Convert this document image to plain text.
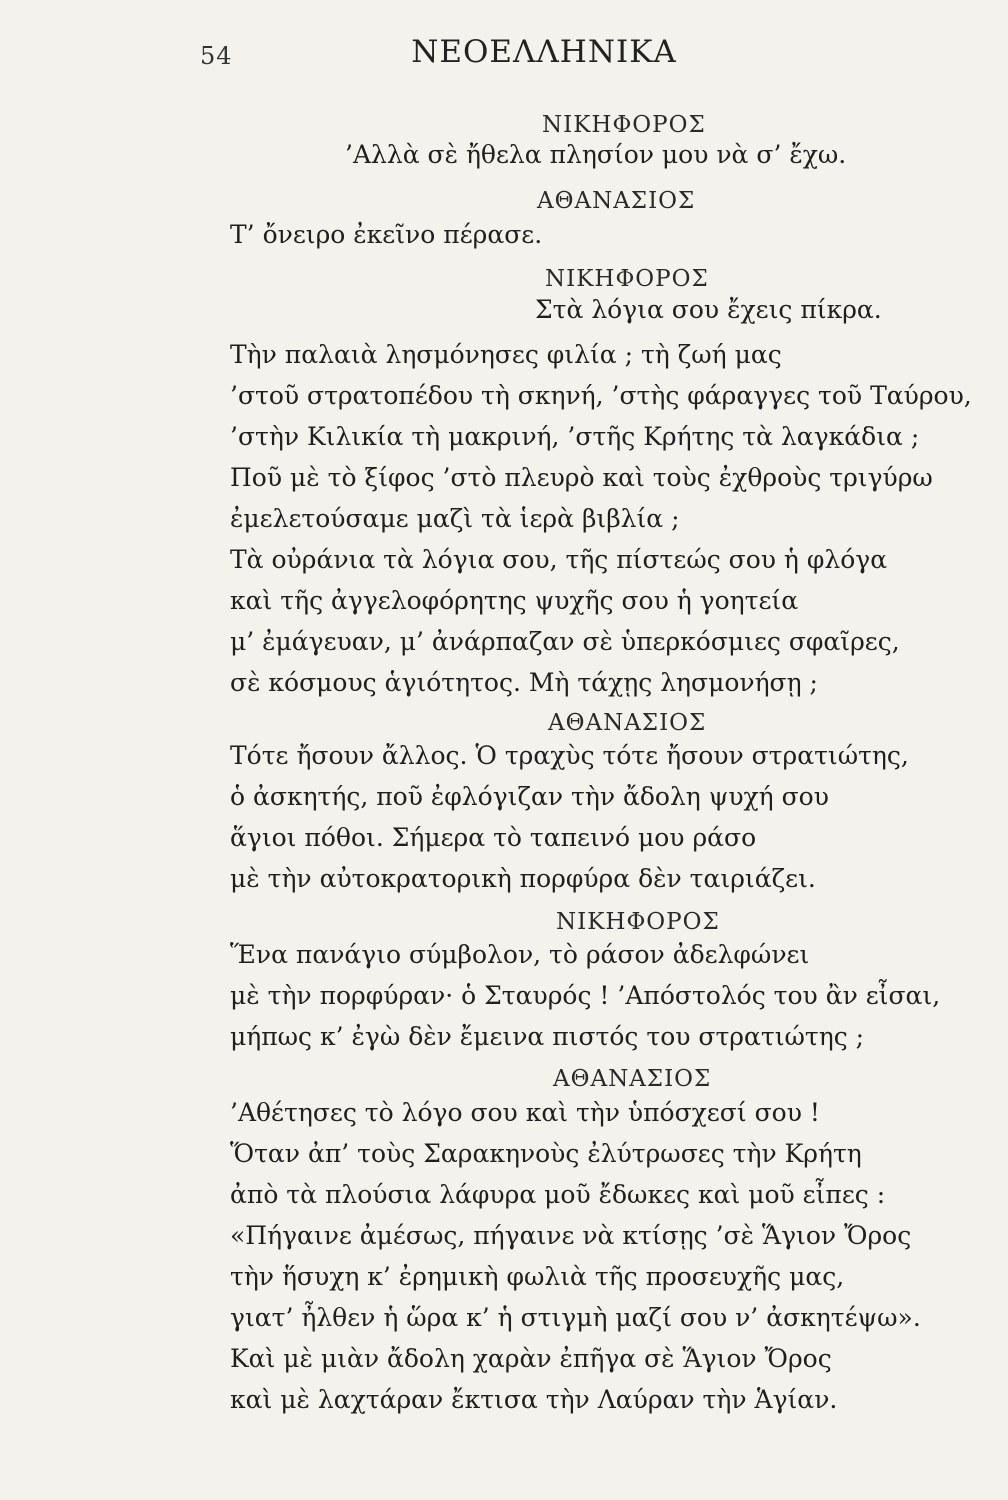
54	ΝΕΟΕΛΛΗΝΙΚΑ
ΝΙΚΗΦΟΡΟΣ
’Αλλὰ σὲ ἤθελα πλησίον μου νὰ σ’ ἔχω.
ΑΘΑΝΑΣΙΟΣ
Τ’ ὄνειρο ἐκεῖνο πέρασε.
ΝΙΚΗΦΟΡΟΣ
Στὰ λόγια σου ἔχεις πίκρα.
Τὴν παλαιὰ λησμόνησες φιλία ; τὴ ζωή μας
’στοῦ στρατοπέδου τὴ σκηνή, ’στὴς φάραγγες τοῦ Ταύρου,
’στὴν Κιλικία τὴ μακρινή, ’στῆς Κρήτης τὰ λαγκάδια ;
Ποῦ μὲ τὸ ξίφος ’στὸ πλευρὸ καὶ τοὺς ἐχθροὺς τριγύρω
ἐμελετούσαμε μαζὶ τὰ ἱερὰ βιβλία ;
Τὰ οὐράνια τὰ λόγια σου, τῆς πίστεώς σου ἡ φλόγα
καὶ τῆς ἀγγελοφόρητης ψυχῆς σου ἡ γοητεία
μ’ ἐμάγευαν, μ’ ἀνάρπαζαν σὲ ὑπερκόσμιες σφαῖρες,
σὲ κόσμους ἁγιότητος. Μὴ τάχῃς λησμονήσῃ ;
ΑΘΑΝΑΣΙΟΣ
Τότε ἤσουν ἄλλος. Ὁ τραχὺς τότε ἤσουν στρατιώτης,
ὁ ἀσκητής, ποῦ ἐφλόγιζαν τὴν ἄδολη ψυχή σου
ἅγιοι πόθοι. Σήμερα τὸ ταπεινό μου ράσο
μὲ τὴν αὐτοκρατορικὴ πορφύρα δὲν ταιριάζει.
ΝΙΚΗΦΟΡΟΣ
Ἕνα πανάγιο σύμβολον, τὸ ράσον ἀδελφώνει
μὲ τὴν πορφύραν· ὁ Σταυρός ! ’Απόστολός του ἂν εἶσαι,
μήπως κ’ ἐγὼ δὲν ἔμεινα πιστός του στρατιώτης ;
ΑΘΑΝΑΣΙΟΣ
’Αθέτησες τὸ λόγο σου καὶ τὴν ὑπόσχεσί σου !
Ὅταν ἀπ’ τοὺς Σαρακηνοὺς ἐλύτρωσες τὴν Κρήτη
ἀπὸ τὰ πλούσια λάφυρα μοῦ ἔδωκες καὶ μοῦ εἶπες :
«Πήγαινε ἀμέσως, πήγαινε νὰ κτίσῃς ’σὲ Ἅγιον Ὄρος
τὴν ἥσυχη κ’ ἐρημικὴ φωλιὰ τῆς προσευχῆς μας,
γιατ’ ἦλθεν ἡ ὥρα κ’ ἡ στιγμὴ μαζί σου ν’ ἀσκητέψω».
Καὶ μὲ μιὰν ἄδολη χαρὰν ἐπῆγα σὲ Ἅγιον Ὄρος
καὶ μὲ λαχτάραν ἔκτισα τὴν Λαύραν τὴν Ἁγίαν.
